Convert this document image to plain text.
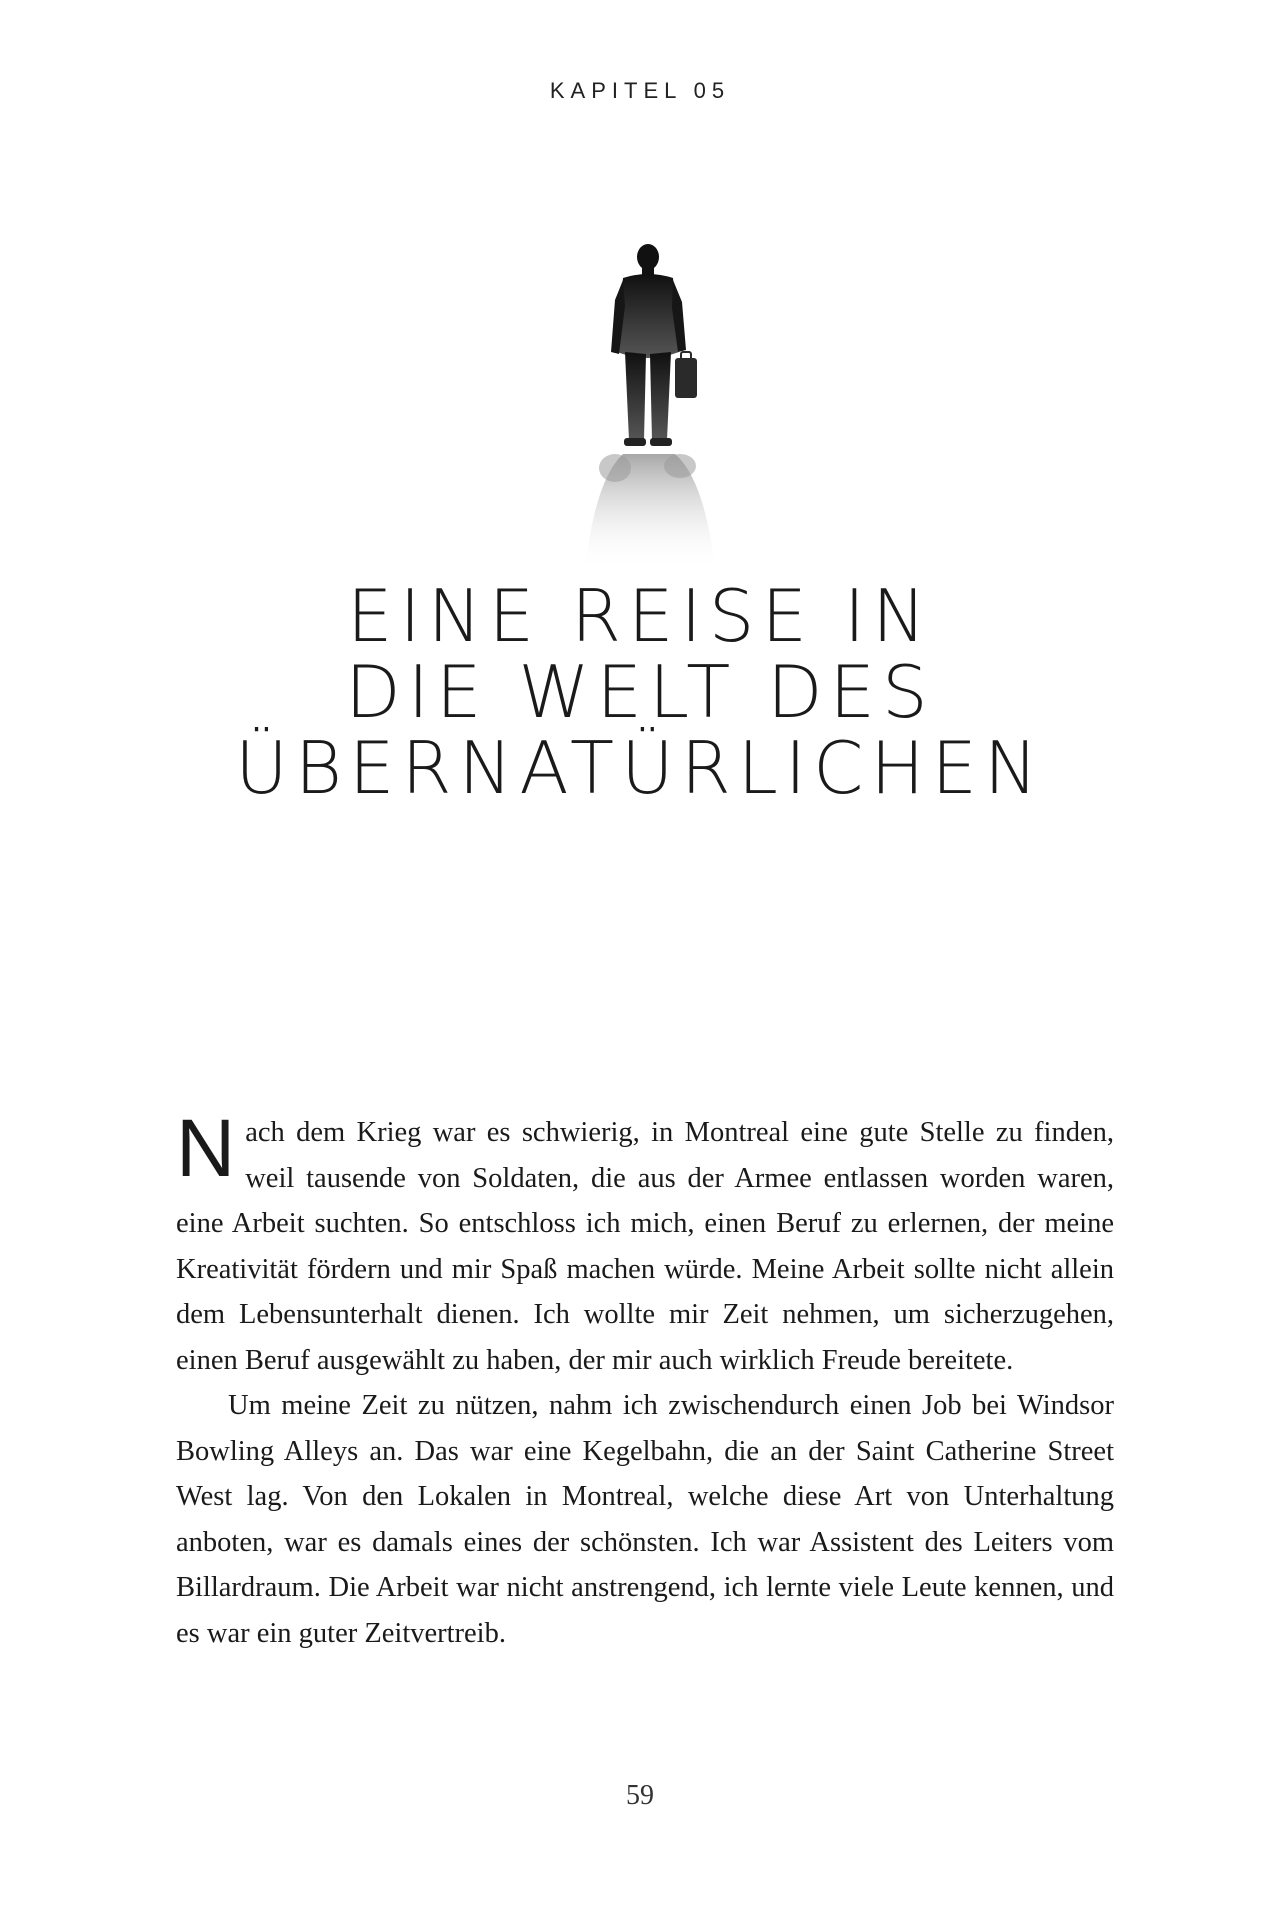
KAPITEL 05
EINE REISE IN
DIE WELT DES
ÜBERNATÜRLICHEN

Nach dem Krieg war es schwierig, in Montreal eine gute Stelle zu finden, weil tausende von Soldaten, die aus der Armee entlassen worden waren, eine Arbeit suchten. So entschloss ich mich, einen Beruf zu erlernen, der meine Kreativität fördern und mir Spaß machen würde. Meine Arbeit sollte nicht allein dem Lebensunterhalt dienen. Ich wollte mir Zeit nehmen, um sicherzugehen, einen Beruf ausgewählt zu haben, der mir auch wirklich Freude bereitete.

Um meine Zeit zu nützen, nahm ich zwischendurch einen Job bei Windsor Bowling Alleys an. Das war eine Kegelbahn, die an der Saint Catherine Street West lag. Von den Lokalen in Montreal, welche diese Art von Unterhaltung anboten, war es damals eines der schönsten. Ich war Assistent des Leiters vom Billardraum. Die Arbeit war nicht anstrengend, ich lernte viele Leute kennen, und es war ein guter Zeitvertreib.

59
